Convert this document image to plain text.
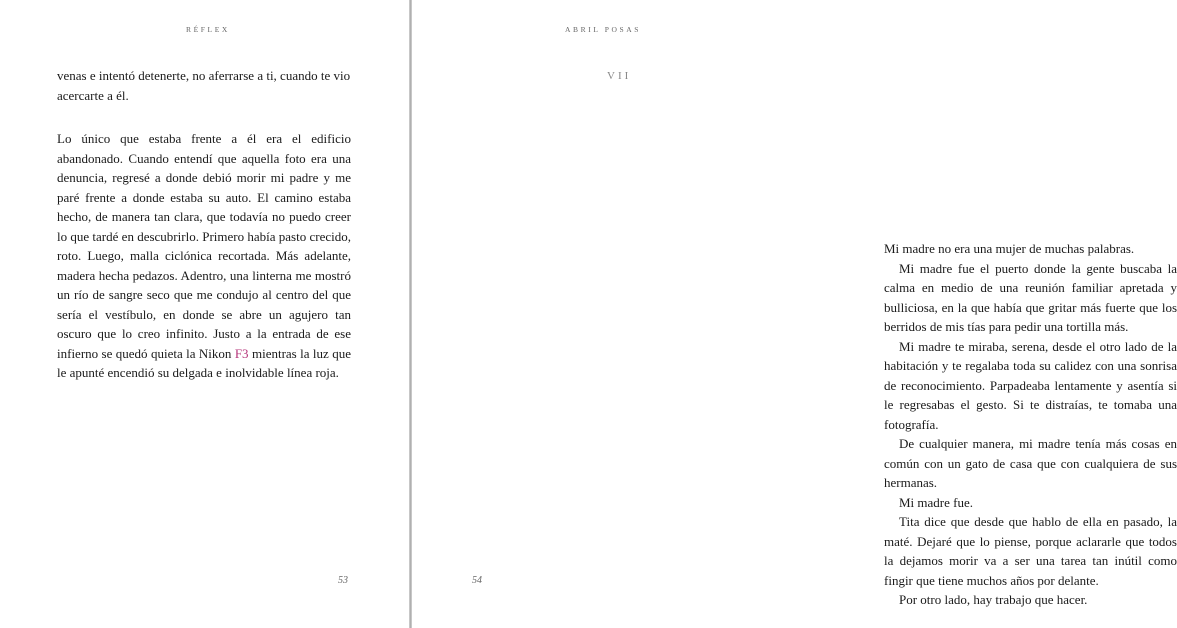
RÉFLEX
venas e intentó detenerte, no aferrarse a ti, cuando te vio
acercarte a él.

Lo único que estaba frente a él era el edificio abandonado. Cuando entendí que aquella foto era una denuncia, regresé a donde debió morir mi padre y me paré frente a donde estaba su auto. El camino estaba hecho, de manera tan clara, que todavía no puedo creer lo que tardé en descubrirlo. Primero había pasto crecido, roto. Luego, malla ciclónica recortada. Más adelante, madera hecha pedazos. Adentro, una linterna me mostró un río de sangre seco que me condujo al centro del que sería el vestíbulo, en donde se abre un agujero tan oscuro que lo creo infinito. Justo a la entrada de ese infierno se quedó quieta la Nikon F3 mientras la luz que le apunté encendió su delgada e inolvidable línea roja.

53
ABRIL POSAS
VII

Mi madre no era una mujer de muchas palabras.

Mi madre fue el puerto donde la gente buscaba la calma en medio de una reunión familiar apretada y bulliciosa, en la que había que gritar más fuerte que los berridos de mis tías para pedir una tortilla más.

Mi madre te miraba, serena, desde el otro lado de la habitación y te regalaba toda su calidez con una sonrisa de reconocimiento. Parpadeaba lentamente y asentía si le regresabas el gesto. Si te distraías, te tomaba una fotografía.

De cualquier manera, mi madre tenía más cosas en común con un gato de casa que con cualquiera de sus hermanas.

Mi madre fue.

Tita dice que desde que hablo de ella en pasado, la maté. Dejaré que lo piense, porque aclararle que todos la dejamos morir va a ser una tarea tan inútil como fingir que tiene muchos años por delante.

Por otro lado, hay trabajo que hacer.

54
